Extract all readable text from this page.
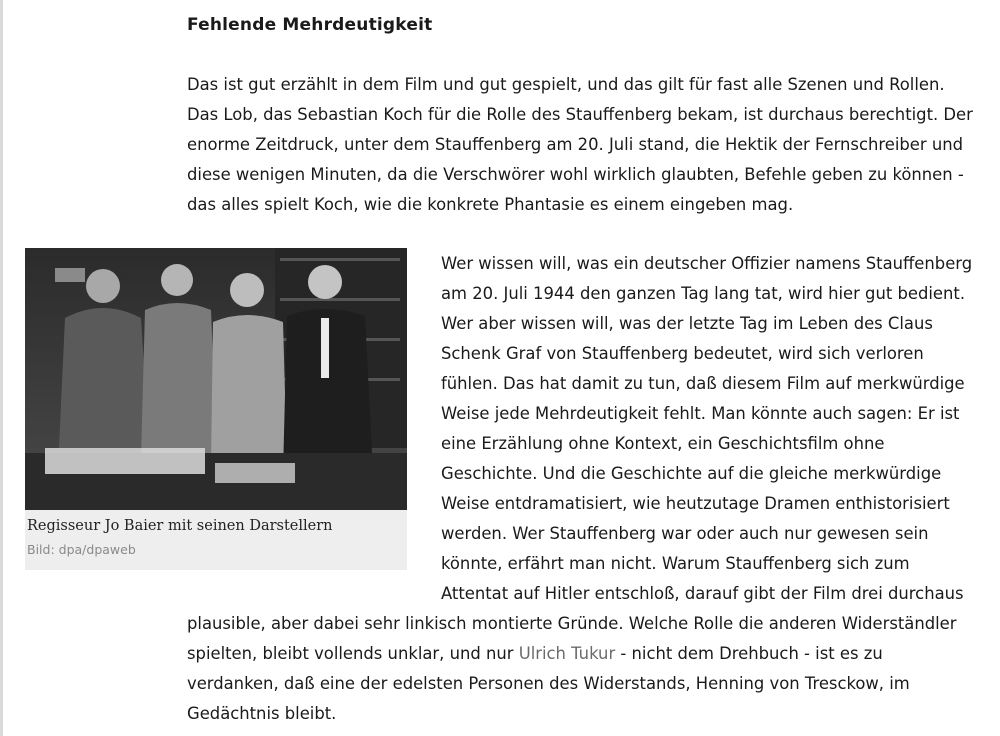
Fehlende Mehrdeutigkeit

Das ist gut erzählt in dem Film und gut gespielt, und das gilt für fast alle Szenen und Rollen.
Das Lob, das Sebastian Koch für die Rolle des Stauffenberg bekam, ist durchaus berechtigt. Der
enorme Zeitdruck, unter dem Stauffenberg am 20. Juli stand, die Hektik der Fernschreiber und
diese wenigen Minuten, da die Verschwörer wohl wirklich glaubten, Befehle geben zu können -
das alles spielt Koch, wie die konkrete Phantasie es einem eingeben mag.

Regisseur Jo Baier mit seinen Darstellern
Bild: dpa/dpaweb

Wer wissen will, was ein deutscher Offizier namens Stauffenberg
am 20. Juli 1944 den ganzen Tag lang tat, wird hier gut bedient.
Wer aber wissen will, was der letzte Tag im Leben des Claus
Schenk Graf von Stauffenberg bedeutet, wird sich verloren
fühlen. Das hat damit zu tun, daß diesem Film auf merkwürdige
Weise jede Mehrdeutigkeit fehlt. Man könnte auch sagen: Er ist
eine Erzählung ohne Kontext, ein Geschichtsfilm ohne
Geschichte. Und die Geschichte auf die gleiche merkwürdige
Weise entdramatisiert, wie heutzutage Dramen enthistorisiert
werden. Wer Stauffenberg war oder auch nur gewesen sein
könnte, erfährt man nicht. Warum Stauffenberg sich zum
Attentat auf Hitler entschloß, darauf gibt der Film drei durchaus
plausible, aber dabei sehr linkisch montierte Gründe. Welche Rolle die anderen Widerständler
spielten, bleibt vollends unklar, und nur Ulrich Tukur - nicht dem Drehbuch - ist es zu
verdanken, daß eine der edelsten Personen des Widerstands, Henning von Tresckow, im
Gedächtnis bleibt.
